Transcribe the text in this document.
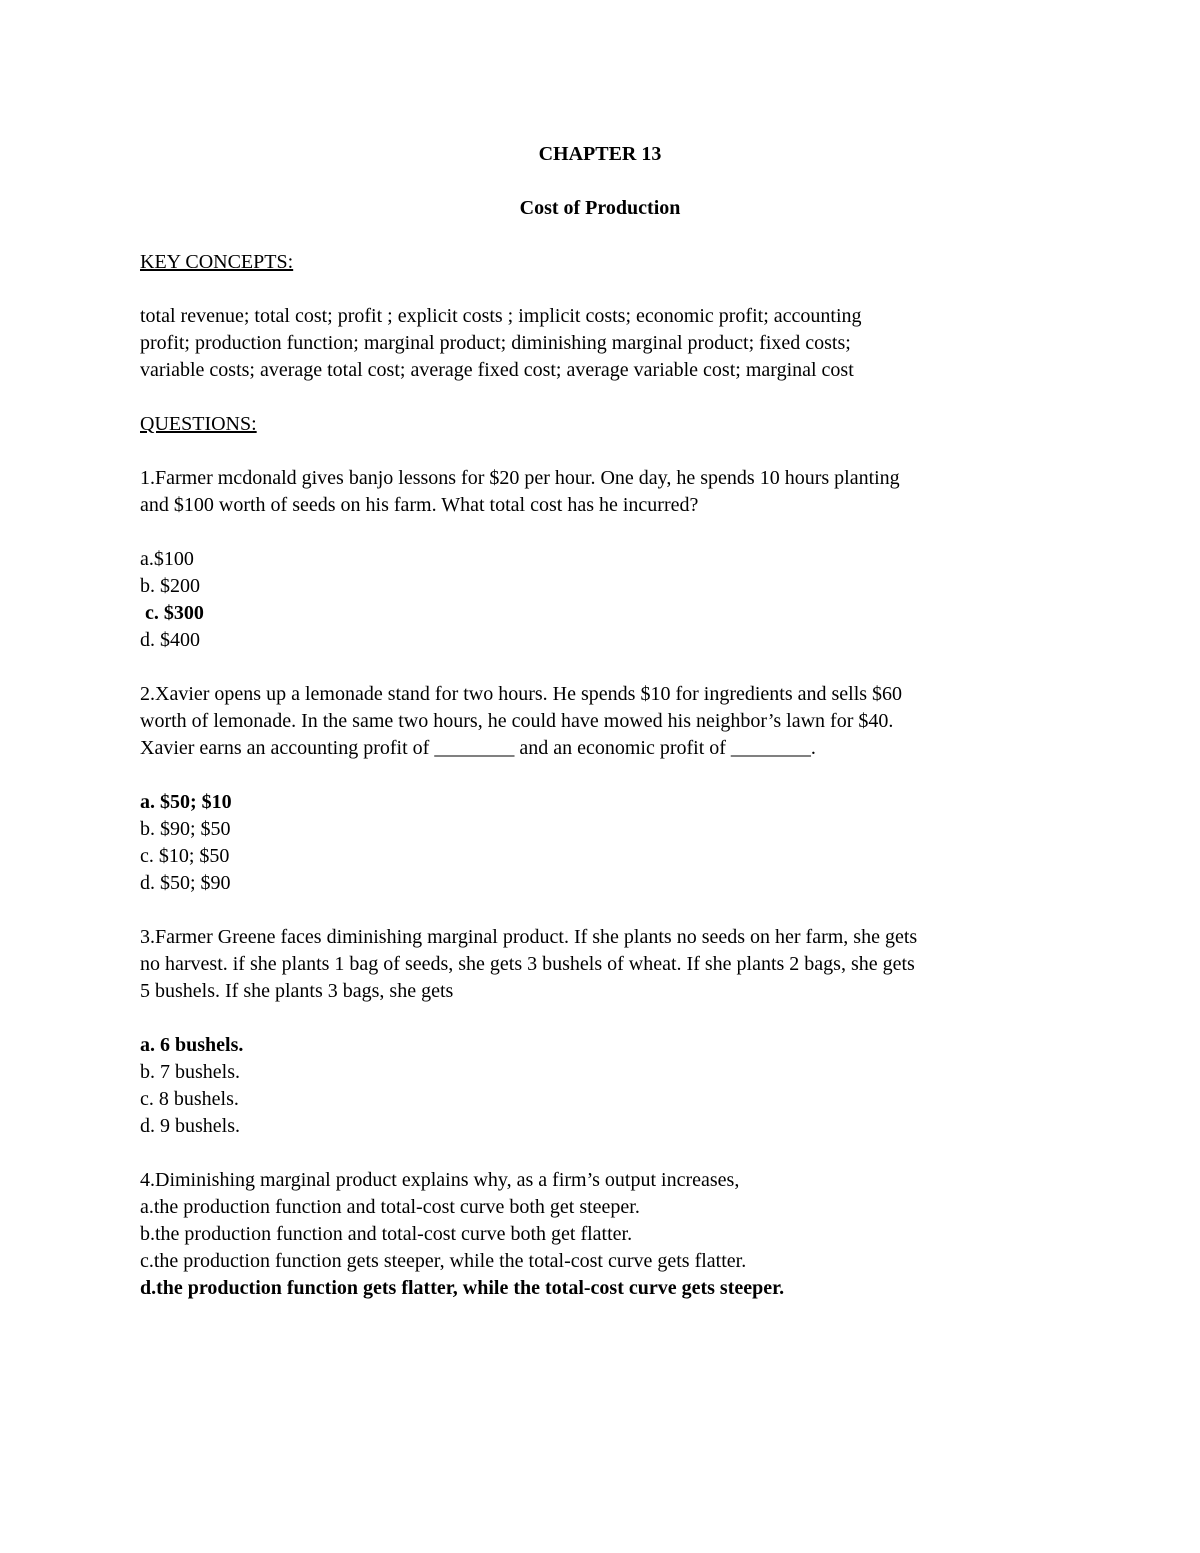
CHAPTER 13
Cost of Production
KEY CONCEPTS:
total revenue; total cost; profit ; explicit costs ; implicit costs; economic profit; accounting
profit; production function; marginal product; diminishing marginal product; fixed costs;
variable costs; average total cost; average fixed cost; average variable cost; marginal cost
QUESTIONS:
1.Farmer mcdonald gives banjo lessons for $20 per hour. One day, he spends 10 hours planting
and $100 worth of seeds on his farm. What total cost has he incurred?
a.$100
b. $200
c. $300
d. $400
2.Xavier opens up a lemonade stand for two hours. He spends $10 for ingredients and sells $60
worth of lemonade. In the same two hours, he could have mowed his neighbor’s lawn for $40.
Xavier earns an accounting profit of ________ and an economic profit of ________.
a. $50; $10
b. $90; $50
c. $10; $50
d. $50; $90
3.Farmer Greene faces diminishing marginal product. If she plants no seeds on her farm, she gets
no harvest. if she plants 1 bag of seeds, she gets 3 bushels of wheat. If she plants 2 bags, she gets
5 bushels. If she plants 3 bags, she gets
a. 6 bushels.
b. 7 bushels.
c. 8 bushels.
d. 9 bushels.
4.Diminishing marginal product explains why, as a firm’s output increases,
a.the production function and total-cost curve both get steeper.
b.the production function and total-cost curve both get flatter.
c.the production function gets steeper, while the total-cost curve gets flatter.
d.the production function gets flatter, while the total-cost curve gets steeper.
